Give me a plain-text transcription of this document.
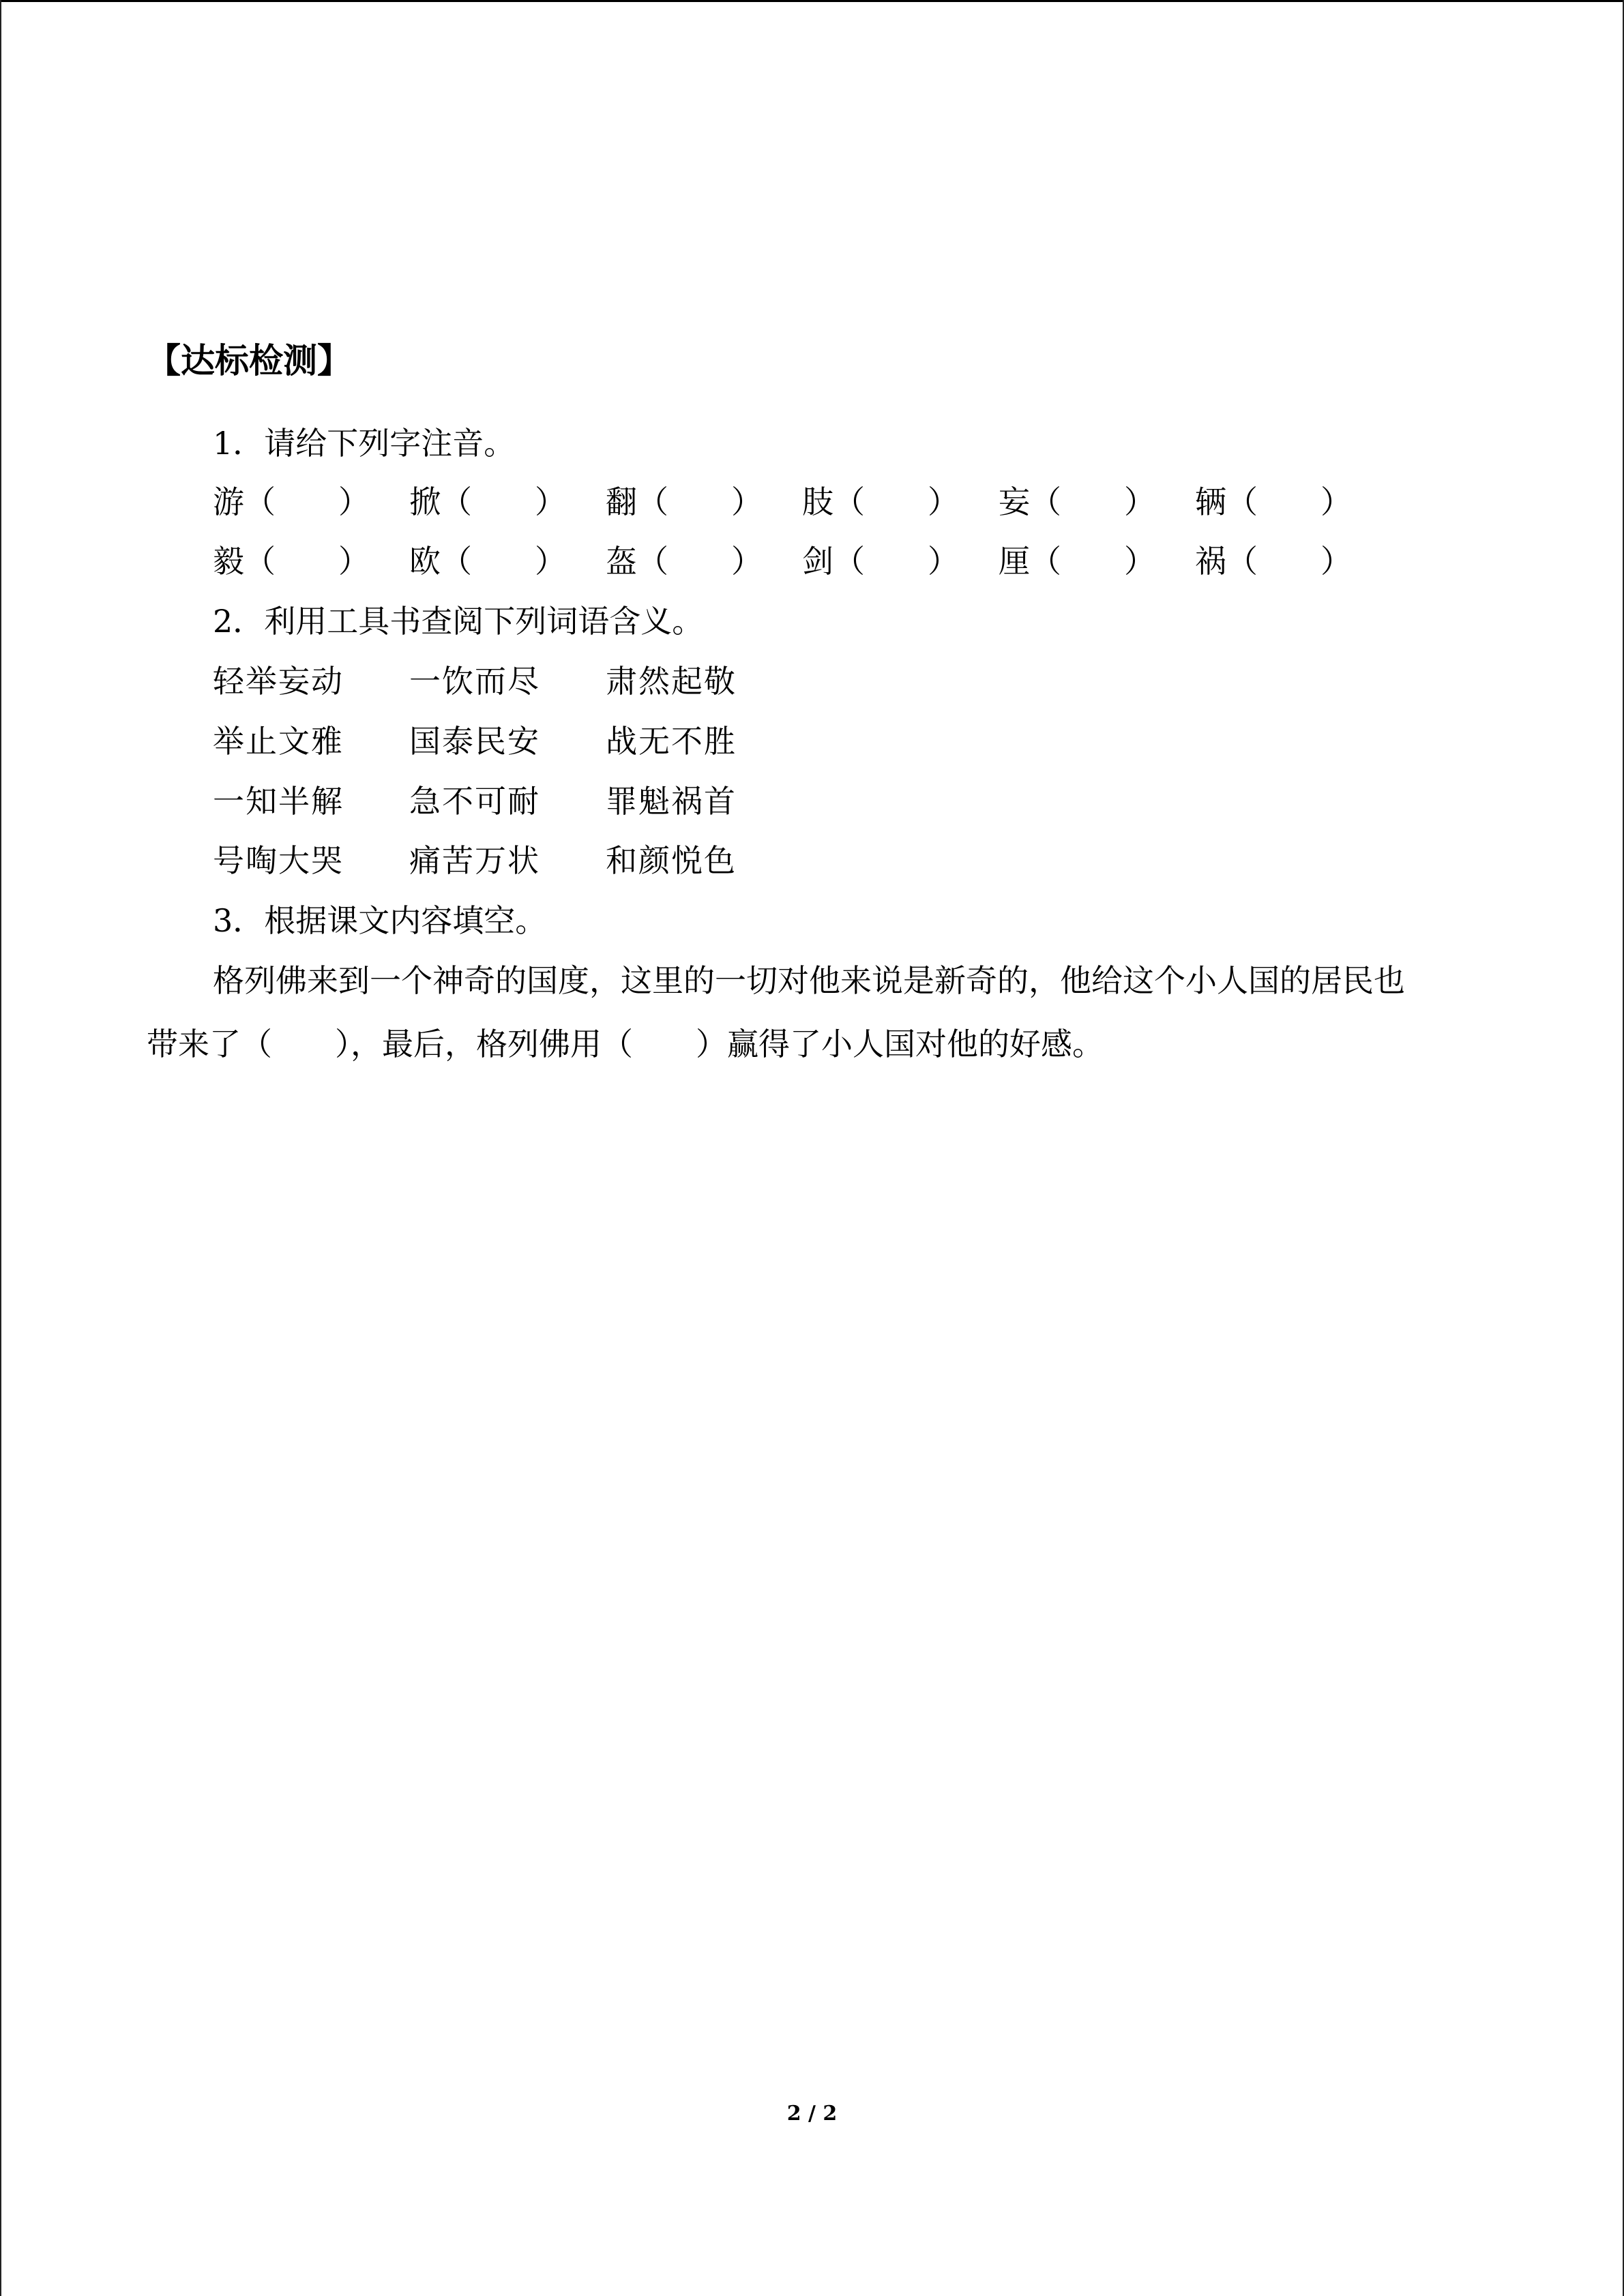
【达标检测】
1．请给下列字注音。
游（　　） 掀（　　） 翻（　　） 肢（　　） 妄（　　） 辆（　　）
毅（　　） 欧（　　） 盔（　　） 剑（　　） 厘（　　） 祸（　　）
2．利用工具书查阅下列词语含义。
轻举妄动 一饮而尽 肃然起敬
举止文雅 国泰民安 战无不胜
一知半解 急不可耐 罪魁祸首
号啕大哭 痛苦万状 和颜悦色
3．根据课文内容填空。
格列佛来到一个神奇的国度，这里的一切对他来说是新奇的，他给这个小人国的居民也
带来了（　　），最后，格列佛用（　　）赢得了小人国对他的好感。
2 / 2
